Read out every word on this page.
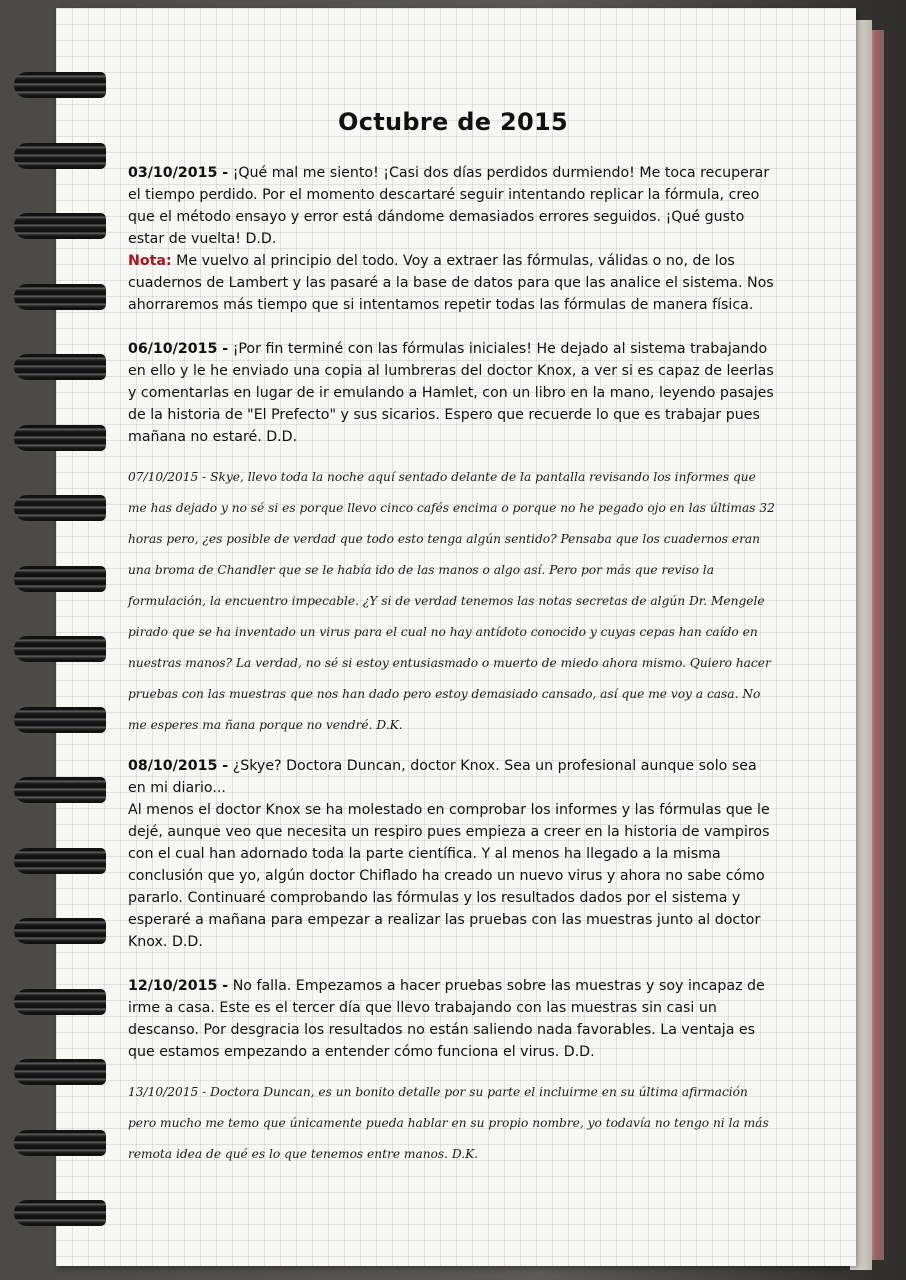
Octubre de 2015

03/10/2015 - ¡Qué mal me siento! ¡Casi dos días perdidos durmiendo! Me toca recuperar el tiempo perdido. Por el momento descartaré seguir intentando replicar la fórmula, creo que el método ensayo y error está dándome demasiados errores seguidos. ¡Qué gusto estar de vuelta! D.D.

Nota: Me vuelvo al principio del todo. Voy a extraer las fórmulas, válidas o no, de los cuadernos de Lambert y las pasaré a la base de datos para que las analice el sistema. Nos ahorraremos más tiempo que si intentamos repetir todas las fórmulas de manera física.

06/10/2015 - ¡Por fin terminé con las fórmulas iniciales! He dejado al sistema trabajando en ello y le he enviado una copia al lumbreras del doctor Knox, a ver si es capaz de leerlas y comentarlas en lugar de ir emulando a Hamlet, con un libro en la mano, leyendo pasajes de la historia de "El Prefecto" y sus sicarios. Espero que recuerde lo que es trabajar pues mañana no estaré. D.D.

07/10/2015 - Skye, llevo toda la noche aquí sentado delante de la pantalla revisando los informes que me has dejado y no sé si es porque llevo cinco cafés encima o porque no he pegado ojo en las últimas 32 horas pero, ¿es posible de verdad que todo esto tenga algún sentido? Pensaba que los cuadernos eran una broma de Chandler que se le había ido de las manos o algo así. Pero por más que reviso la formulación, la encuentro impecable. ¿Y si de verdad tenemos las notas secretas de algún Dr. Mengele pirado que se ha inventado un virus para el cual no hay antídoto conocido y cuyas cepas han caído en nuestras manos? La verdad, no sé si estoy entusiasmado o muerto de miedo ahora mismo. Quiero hacer pruebas con las muestras que nos han dado pero estoy demasiado cansado, así que me voy a casa. No me esperes ma ñana porque no vendré. D.K.

08/10/2015 - ¿Skye? Doctora Duncan, doctor Knox. Sea un profesional aunque solo sea en mi diario...

Al menos el doctor Knox se ha molestado en comprobar los informes y las fórmulas que le dejé, aunque veo que necesita un respiro pues empieza a creer en la historia de vampiros con el cual han adornado toda la parte científica. Y al menos ha llegado a la misma conclusión que yo, algún doctor Chiflado ha creado un nuevo virus y ahora no sabe cómo pararlo. Continuaré comprobando las fórmulas y los resultados dados por el sistema y esperaré a mañana para empezar a realizar las pruebas con las muestras junto al doctor Knox. D.D.

12/10/2015 - No falla. Empezamos a hacer pruebas sobre las muestras y soy incapaz de irme a casa. Este es el tercer día que llevo trabajando con las muestras sin casi un descanso. Por desgracia los resultados no están saliendo nada favorables. La ventaja es que estamos empezando a entender cómo funciona el virus. D.D.

13/10/2015 - Doctora Duncan, es un bonito detalle por su parte el incluirme en su última afirmación pero mucho me temo que únicamente pueda hablar en su propio nombre, yo todavía no tengo ni la más remota idea de qué es lo que tenemos entre manos. D.K.
